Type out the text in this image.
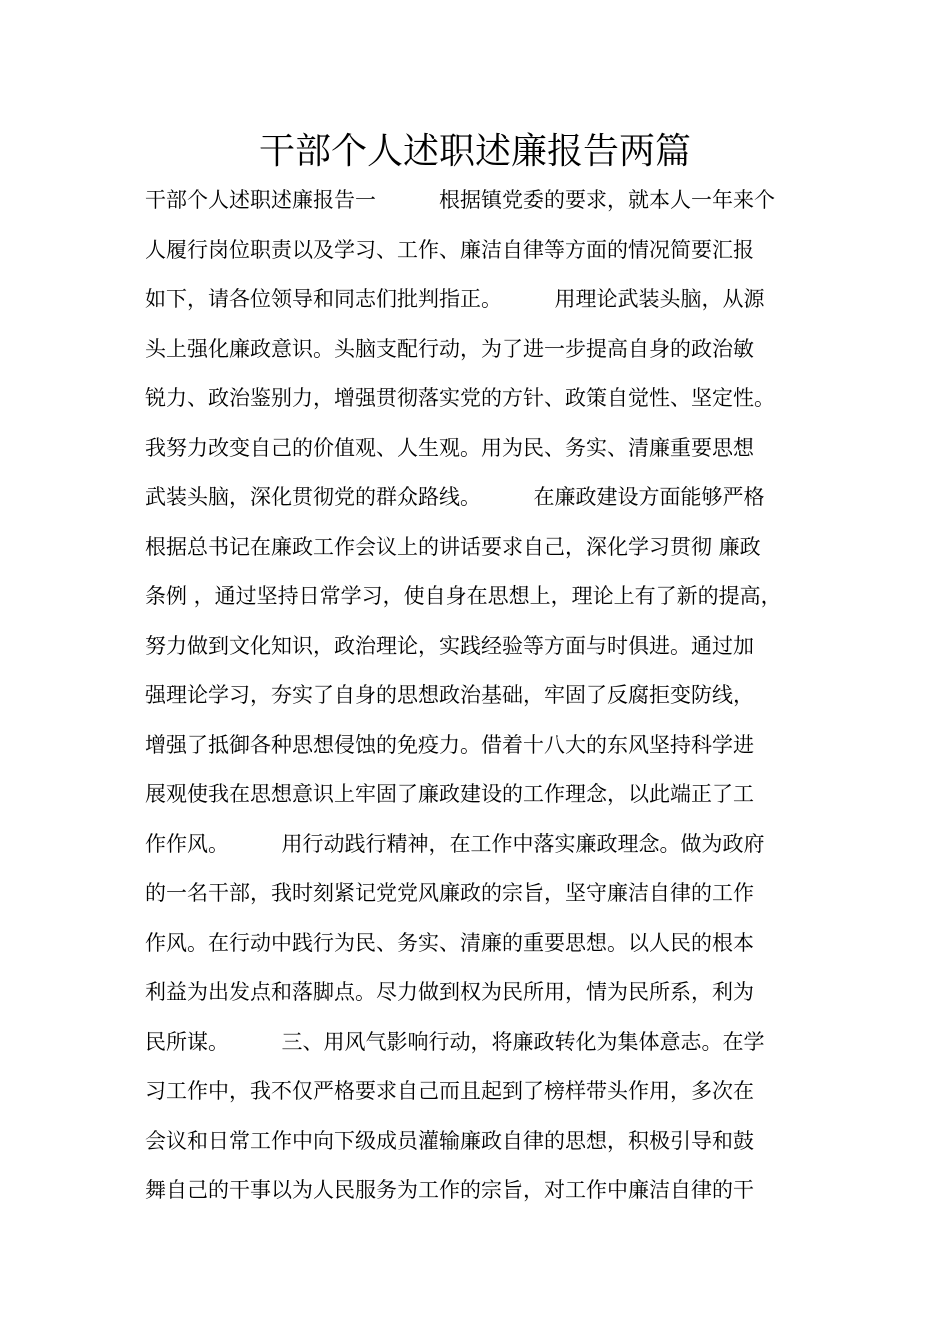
干部个人述职述廉报告两篇
干部个人述职述廉报告一　　　根据镇党委的要求，就本人一年来个
人履行岗位职责以及学习、工作、廉洁自律等方面的情况简要汇报
如下，请各位领导和同志们批判指正。　　　用理论武装头脑，从源
头上强化廉政意识。头脑支配行动，为了进一步提高自身的政治敏
锐力、政治鉴别力，增强贯彻落实党的方针、政策自觉性、坚定性。
我努力改变自己的价值观、人生观。用为民、务实、清廉重要思想
武装头脑，深化贯彻党的群众路线。　　　在廉政建设方面能够严格
根据总书记在廉政工作会议上的讲话要求自己，深化学习贯彻 廉政
条例 ，通过坚持日常学习，使自身在思想上，理论上有了新的提高，
努力做到文化知识，政治理论，实践经验等方面与时俱进。通过加
强理论学习，夯实了自身的思想政治基础，牢固了反腐拒变防线，
增强了抵御各种思想侵蚀的免疫力。借着十八大的东风坚持科学进
展观使我在思想意识上牢固了廉政建设的工作理念，以此端正了工
作作风。　　　用行动践行精神，在工作中落实廉政理念。做为政府
的一名干部，我时刻紧记党党风廉政的宗旨，坚守廉洁自律的工作
作风。在行动中践行为民、务实、清廉的重要思想。以人民的根本
利益为出发点和落脚点。尽力做到权为民所用，情为民所系，利为
民所谋。　　　三、用风气影响行动，将廉政转化为集体意志。在学
习工作中，我不仅严格要求自己而且起到了榜样带头作用，多次在
会议和日常工作中向下级成员灌输廉政自律的思想，积极引导和鼓
舞自己的干事以为人民服务为工作的宗旨，对工作中廉洁自律的干
